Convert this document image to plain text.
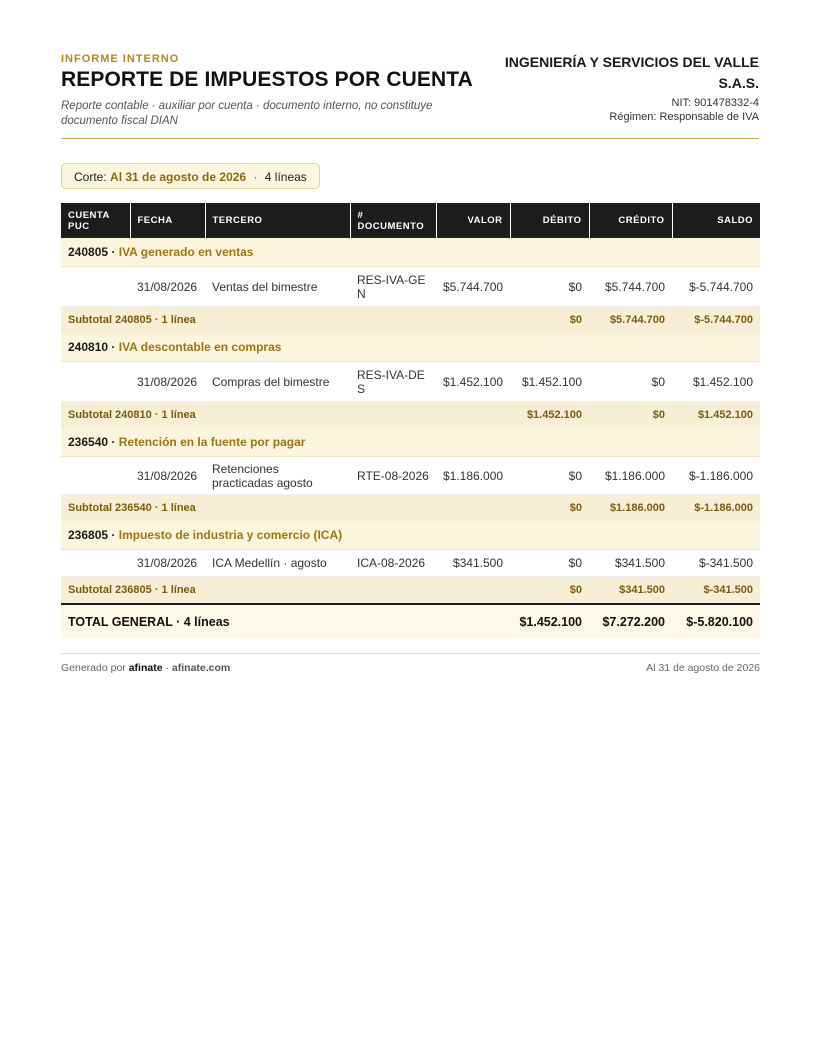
INFORME INTERNO
REPORTE DE IMPUESTOS POR CUENTA
Reporte contable · auxiliar por cuenta · documento interno, no constituye documento fiscal DIAN
INGENIERÍA Y SERVICIOS DEL VALLE S.A.S.
NIT: 901478332-4
Régimen: Responsable de IVA
Corte: Al 31 de agosto de 2026 · 4 líneas
CUENTA PUC	FECHA	TERCERO	# DOCUMENTO	VALOR	DÉBITO	CRÉDITO	SALDO
240805 · IVA generado en ventas							
	31/08/2026	Ventas del bimestre	RES-IVA-GEN	$5.744.700	$0	$5.744.700	$-5.744.700
Subtotal 240805 · 1 línea					$0	$5.744.700	$-5.744.700
240810 · IVA descontable en compras							
	31/08/2026	Compras del bimestre	RES-IVA-DES	$1.452.100	$1.452.100	$0	$1.452.100
Subtotal 240810 · 1 línea					$1.452.100	$0	$1.452.100
236540 · Retención en la fuente por pagar							
	31/08/2026	Retenciones practicadas agosto	RTE-08-2026	$1.186.000	$0	$1.186.000	$-1.186.000
Subtotal 236540 · 1 línea					$0	$1.186.000	$-1.186.000
236805 · Impuesto de industria y comercio (ICA)							
	31/08/2026	ICA Medellín · agosto	ICA-08-2026	$341.500	$0	$341.500	$-341.500
Subtotal 236805 · 1 línea					$0	$341.500	$-341.500
TOTAL GENERAL · 4 líneas					$1.452.100	$7.272.200	$-5.820.100
Generado por afinate · afinate.com	Al 31 de agosto de 2026
